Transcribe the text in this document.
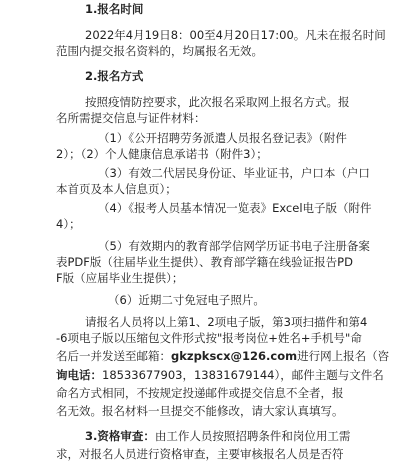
1.报名时间
2022年4月19日8：00至4月20日17:00。凡未在报名时间
范围内提交报名资料的，均属报名无效。
2.报名方式
按照疫情防控要求，此次报名采取网上报名方式。报
名所需提交信息与证件材料：
（1）《公开招聘劳务派遣人员报名登记表》（附件
2）；（2）个人健康信息承诺书（附件3）；
（3）有效二代居民身份证、毕业证书，户口本（户口
本首页及本人信息页）；
（4）《报考人员基本情况一览表》Excel电子版（附件
4）；
（5）有效期内的教育部学信网学历证书电子注册备案
表PDF版（往届毕业生提供）、教育部学籍在线验证报告PD
F版（应届毕业生提供）；
（6）近期二寸免冠电子照片。
请报名人员将以上第1、2项电子版，第3项扫描件和第4
-6项电子版以压缩包文件形式按"报考岗位+姓名+手机号"命
名后一并发送至邮箱：gkzpkscx@126.com进行网上报名（咨
询电话：18533677903，13831679144），邮件主题与文件名
命名方式相同，不按规定投递邮件或提交信息不全者，报
名无效。报名材料一旦提交不能修改，请大家认真填写。
3.资格审查：由工作人员按照招聘条件和岗位用工需
求，对报名人员进行资格审查，主要审核报名人员是否符
